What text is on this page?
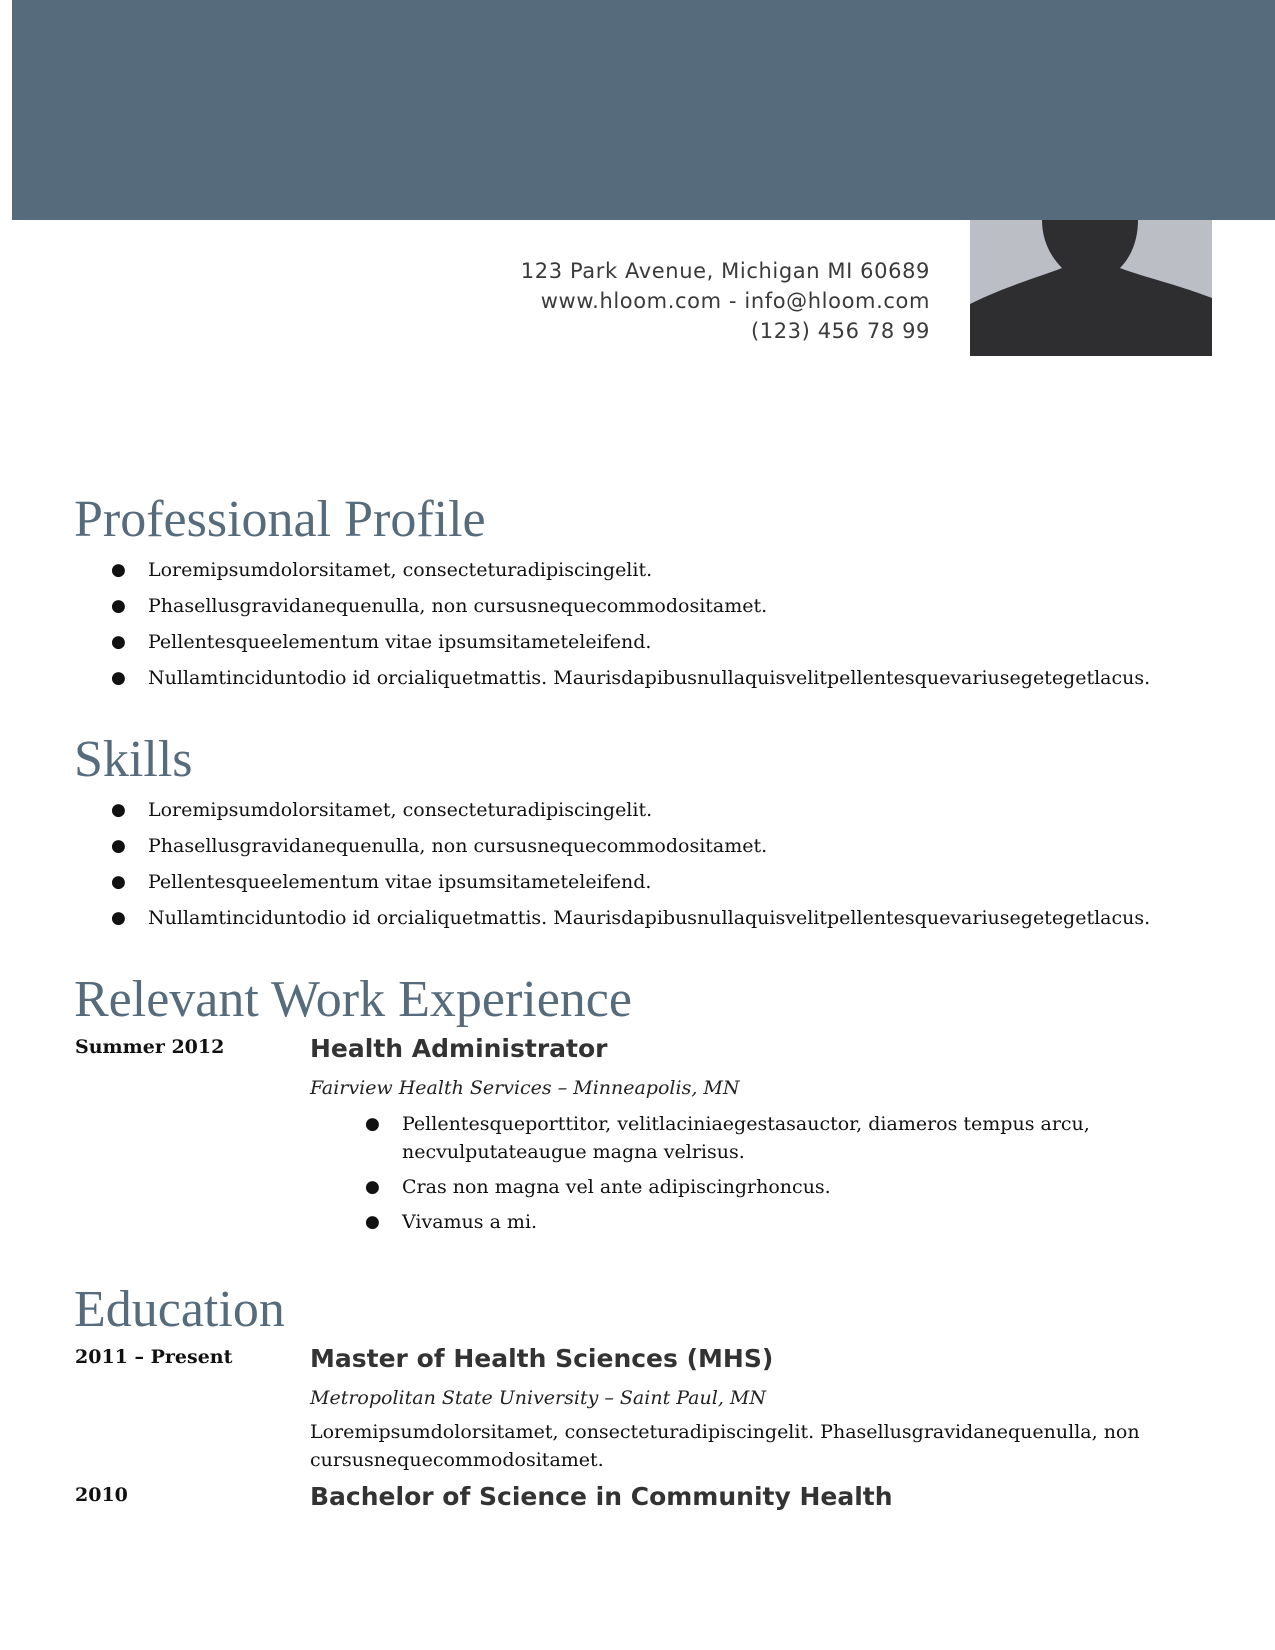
123 Park Avenue, Michigan MI 60689
www.hloom.com - info@hloom.com
(123) 456 78 99
Professional Profile
● Loremipsumdolorsitamet, consecteturadipiscingelit.
● Phasellusgravidanequenulla, non cursusnequecommodositamet.
● Pellentesqueelementum vitae ipsumsitameteleifend.
● Nullamtinciduntodio id orcialiquetmattis. Maurisdapibusnullaquisvelitpellentesquevariusegetegetlacus.
Skills
● Loremipsumdolorsitamet, consecteturadipiscingelit.
● Phasellusgravidanequenulla, non cursusnequecommodositamet.
● Pellentesqueelementum vitae ipsumsitameteleifend.
● Nullamtinciduntodio id orcialiquetmattis. Maurisdapibusnullaquisvelitpellentesquevariusegetegetlacus.
Relevant Work Experience
Summer 2012	Health Administrator
Fairview Health Services – Minneapolis, MN
● Pellentesqueporttitor, velitlaciniaegestasauctor, diameros tempus arcu, necvulputateaugue magna velrisus.
● Cras non magna vel ante adipiscingrhoncus.
● Vivamus a mi.
Education
2011 – Present	Master of Health Sciences (MHS)
Metropolitan State University – Saint Paul, MN
Loremipsumdolorsitamet, consecteturadipiscingelit. Phasellusgravidanequenulla, non cursusnequecommodositamet.
2010	Bachelor of Science in Community Health
